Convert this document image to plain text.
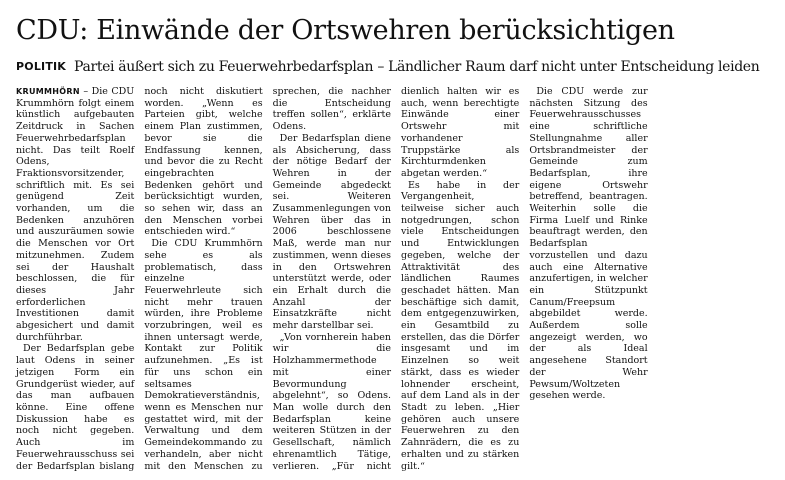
CDU: Einwände der Ortswehren berücksichtigen
POLITIK Partei äußert sich zu Feuerwehrbedarfsplan – Ländlicher Raum darf nicht unter Entscheidung leiden

KRUMMHÖRN – Die CDU Krummhörn folgt einem künstlich aufgebauten Zeitdruck in Sachen Feuerwehrbedarfsplan nicht. Das teilt Roelf Odens, Fraktionsvorsitzender, schriftlich mit. Es sei genügend Zeit vorhanden, um die Bedenken anzuhören und auszuräumen sowie die Menschen vor Ort mitzunehmen. Zudem sei der Haushalt beschlossen, die für dieses Jahr erforderlichen Investitionen damit abgesichert und damit durchführbar.

Der Bedarfsplan gebe laut Odens in seiner jetzigen Form ein Grundgerüst wieder, auf das man aufbauen könne. Eine offene Diskussion habe es noch nicht gegeben. Auch im Feuerwehrausschuss sei der Bedarfsplan bislang noch nicht diskutiert worden. „Wenn es Parteien gibt, welche einem Plan zustimmen, bevor sie die Endfassung kennen, und bevor die zu Recht eingebrachten Bedenken gehört und berücksichtigt wurden, so sehen wir, dass an den Menschen vorbei entschieden wird.“

Die CDU Krummhörn sehe es als problematisch, dass einzelne Feuerwehrleute sich nicht mehr trauen würden, ihre Probleme vorzubringen, weil es ihnen untersagt werde, Kontakt zur Politik aufzunehmen. „Es ist für uns schon ein seltsames Demokratieverständnis, wenn es Menschen nur gestattet wird, mit der Verwaltung und dem Gemeindekommando zu verhandeln, aber nicht mit den Menschen zu sprechen, die nachher die Entscheidung treffen sollen“, erklärte Odens.

Der Bedarfsplan diene als Absicherung, dass der nötige Bedarf der Wehren in der Gemeinde abgedeckt sei. Weiteren Zusammenlegungen von Wehren über das in 2006 beschlossene Maß, werde man nur zustimmen, wenn dieses in den Ortswehren unterstützt werde, oder ein Erhalt durch die Anzahl der Einsatzkräfte nicht mehr darstellbar sei.

„Von vornherein haben wir die Holzhammermethode mit einer Bevormundung abgelehnt“, so Odens. Man wolle durch den Bedarfsplan keine weiteren Stützen in der Gesellschaft, nämlich ehrenamtlich Tätige, verlieren. „Für nicht dienlich halten wir es auch, wenn berechtigte Einwände einer Ortswehr mit vorhandener Truppstärke als Kirchturmdenken abgetan werden.“

Es habe in der Vergangenheit, teilweise sicher auch notgedrungen, schon viele Entscheidungen und Entwicklungen gegeben, welche der Attraktivität des ländlichen Raumes geschadet hätten. Man beschäftige sich damit, dem entgegenzuwirken, ein Gesamtbild zu erstellen, das die Dörfer insgesamt und im Einzelnen so weit stärkt, dass es wieder lohnender erscheint, auf dem Land als in der Stadt zu leben. „Hier gehören auch unsere Feuerwehren zu den Zahnrädern, die es zu erhalten und zu stärken gilt.“

Die CDU werde zur nächsten Sitzung des Feuerwehrausschusses eine schriftliche Stellungnahme aller Ortsbrandmeister der Gemeinde zum Bedarfsplan, ihre eigene Ortswehr betreffend, beantragen. Weiterhin solle die Firma Luelf und Rinke beauftragt werden, den Bedarfsplan vorzustellen und dazu auch eine Alternative anzufertigen, in welcher ein Stützpunkt Canum/Freepsum abgebildet werde. Außerdem solle angezeigt werden, wo der als Ideal angesehene Standort der Wehr Pewsum/Woltzeten gesehen werde.
